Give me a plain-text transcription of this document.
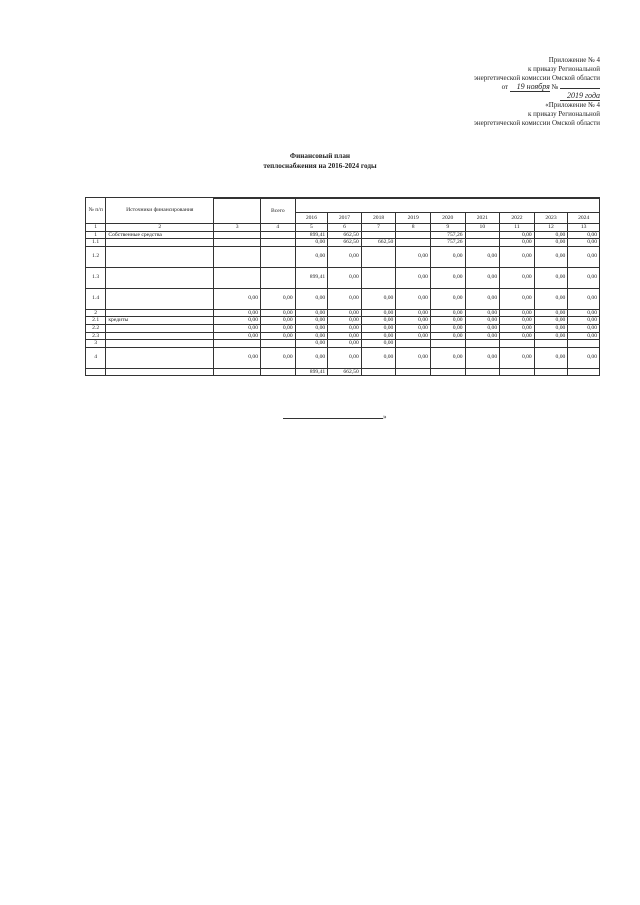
Приложение № 4
к приказу Региональной
энергетической комиссии Омской области
от 19 ноября №
2019 года
«Приложение № 4
к приказу Региональной
энергетической комиссии Омской области
Финансовый план
теплоснабжения на 2016-2024 годы
№ п/п	Источники финансирования											
			Всего									
				2016	2017	2018	2019	2020	2021	2022	2023	2024
1	2	3	4	5	6	7	8	9	10	11	12	13
1	Собственные средства			899,41	662,50			757,26		0,00	0,00	0,00
1.1				0,00	662,50	662,50		757,26		0,00	0,00	0,00
1.2				0,00	0,00		0,00	0,00	0,00	0,00	0,00	0,00
1.3				899,41	0,00		0,00	0,00	0,00	0,00	0,00	0,00
1.4		0,00	0,00	0,00	0,00	0,00	0,00	0,00	0,00	0,00	0,00	0,00
2		0,00	0,00	0,00	0,00	0,00	0,00	0,00	0,00	0,00	0,00	0,00
2.1	кредиты	0,00	0,00	0,00	0,00	0,00	0,00	0,00	0,00	0,00	0,00	0,00
2.2		0,00	0,00	0,00	0,00	0,00	0,00	0,00	0,00	0,00	0,00	0,00
2.3		0,00	0,00	0,00	0,00	0,00	0,00	0,00	0,00	0,00	0,00	0,00
3				0,00	0,00	0,00						
4		0,00	0,00	0,00	0,00	0,00	0,00	0,00	0,00	0,00	0,00	0,00
				899,41	662,50							
»
